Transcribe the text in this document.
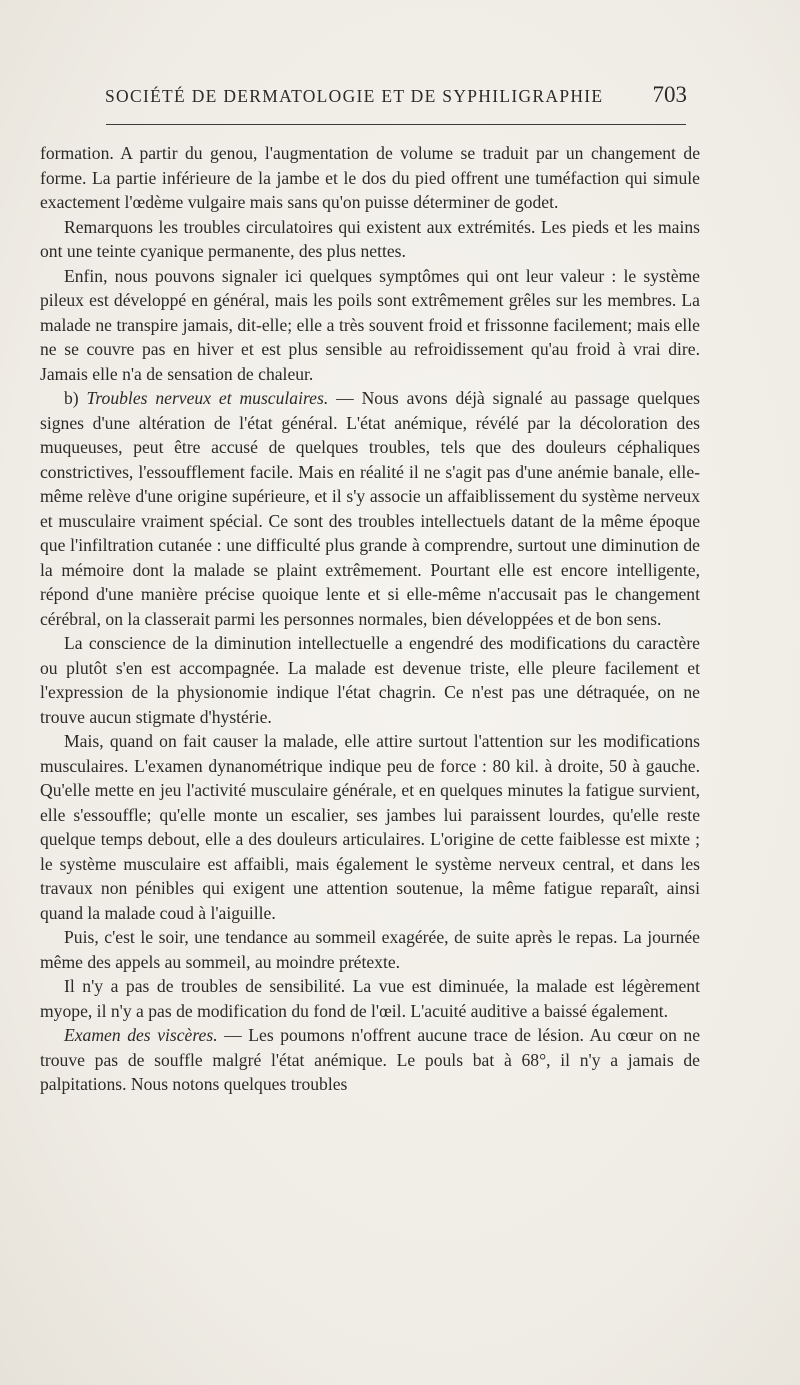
SOCIÉTÉ DE DERMATOLOGIE ET DE SYPHILIGRAPHIE 703

formation. A partir du genou, l'augmentation de volume se traduit par un changement de forme. La partie inférieure de la jambe et le dos du pied offrent une tuméfaction qui simule exactement l'œdème vulgaire mais sans qu'on puisse déterminer de godet.

Remarquons les troubles circulatoires qui existent aux extrémités. Les pieds et les mains ont une teinte cyanique permanente, des plus nettes.

Enfin, nous pouvons signaler ici quelques symptômes qui ont leur valeur : le système pileux est développé en général, mais les poils sont extrêmement grêles sur les membres. La malade ne transpire jamais, dit-elle; elle a très souvent froid et frissonne facilement; mais elle ne se couvre pas en hiver et est plus sensible au refroidissement qu'au froid à vrai dire. Jamais elle n'a de sensation de chaleur.

b) Troubles nerveux et musculaires. — Nous avons déjà signalé au passage quelques signes d'une altération de l'état général. L'état anémique, révélé par la décoloration des muqueuses, peut être accusé de quelques troubles, tels que des douleurs céphaliques constrictives, l'essoufflement facile. Mais en réalité il ne s'agit pas d'une anémie banale, elle-même relève d'une origine supérieure, et il s'y associe un affaiblissement du système nerveux et musculaire vraiment spécial. Ce sont des troubles intellectuels datant de la même époque que l'infiltration cutanée : une difficulté plus grande à comprendre, surtout une diminution de la mémoire dont la malade se plaint extrêmement. Pourtant elle est encore intelligente, répond d'une manière précise quoique lente et si elle-même n'accusait pas le changement cérébral, on la classerait parmi les personnes normales, bien développées et de bon sens.

La conscience de la diminution intellectuelle a engendré des modifications du caractère ou plutôt s'en est accompagnée. La malade est devenue triste, elle pleure facilement et l'expression de la physionomie indique l'état chagrin. Ce n'est pas une détraquée, on ne trouve aucun stigmate d'hystérie.

Mais, quand on fait causer la malade, elle attire surtout l'attention sur les modifications musculaires. L'examen dynanométrique indique peu de force : 80 kil. à droite, 50 à gauche. Qu'elle mette en jeu l'activité musculaire générale, et en quelques minutes la fatigue survient, elle s'essouffle; qu'elle monte un escalier, ses jambes lui paraissent lourdes, qu'elle reste quelque temps debout, elle a des douleurs articulaires. L'origine de cette faiblesse est mixte ; le système musculaire est affaibli, mais également le système nerveux central, et dans les travaux non pénibles qui exigent une attention soutenue, la même fatigue reparaît, ainsi quand la malade coud à l'aiguille.

Puis, c'est le soir, une tendance au sommeil exagérée, de suite après le repas. La journée même des appels au sommeil, au moindre prétexte.

Il n'y a pas de troubles de sensibilité. La vue est diminuée, la malade est légèrement myope, il n'y a pas de modification du fond de l'œil. L'acuité auditive a baissé également.

Examen des viscères. — Les poumons n'offrent aucune trace de lésion. Au cœur on ne trouve pas de souffle malgré l'état anémique. Le pouls bat à 68°, il n'y a jamais de palpitations. Nous notons quelques troubles
